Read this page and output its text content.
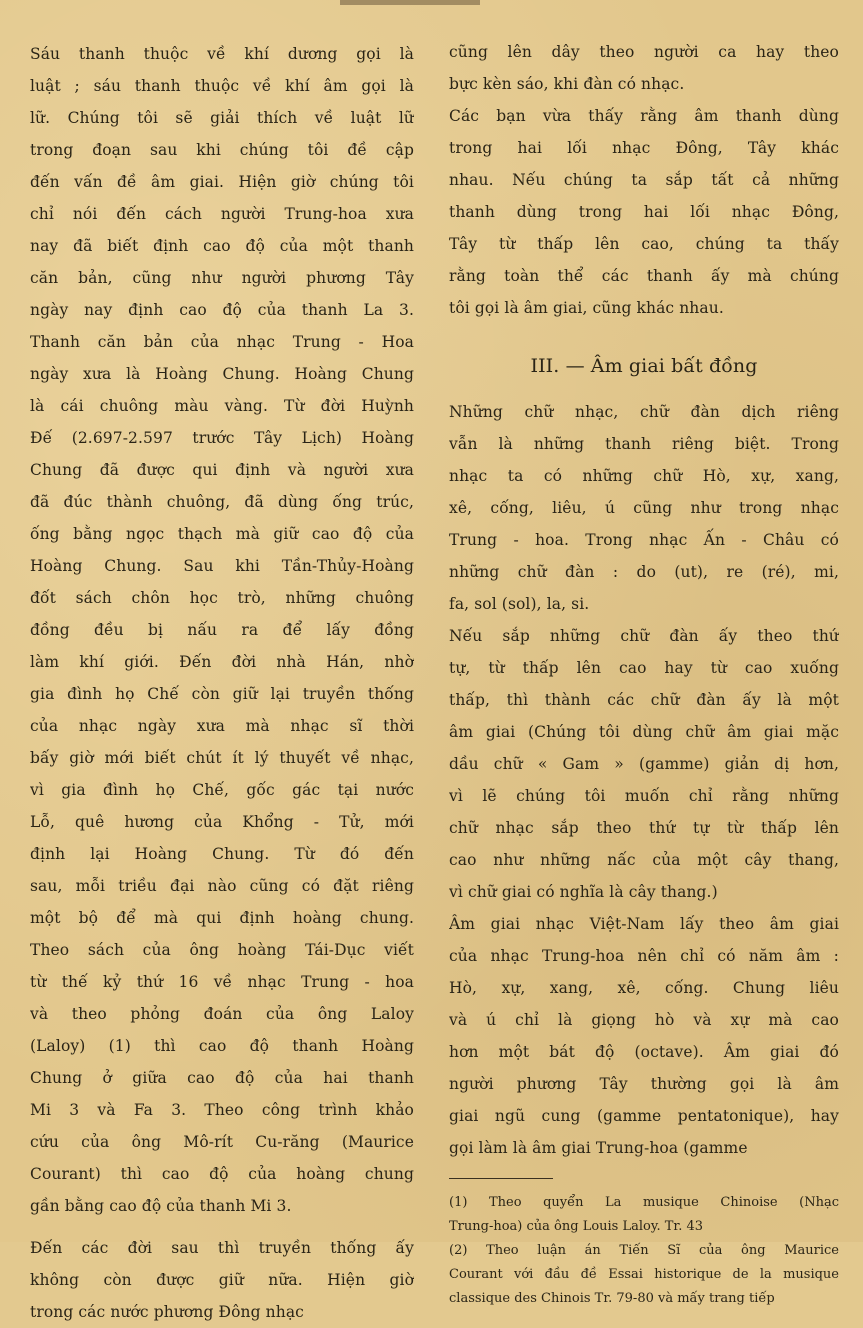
Sáu thanh thuộc về khí dương gọi là
luật ; sáu thanh thuộc về khí âm gọi là
lữ. Chúng tôi sẽ giải thích về luật lữ
trong đoạn sau khi chúng tôi đề cập
đến vấn đề âm giai. Hiện giờ chúng tôi
chỉ nói đến cách người Trung-hoa xưa
nay đã biết định cao độ của một thanh
căn bản, cũng như người phương Tây
ngày nay định cao độ của thanh La 3.
Thanh căn bản của nhạc Trung - Hoa
ngày xưa là Hoàng Chung. Hoàng Chung
là cái chuông màu vàng. Từ đời Huỳnh
Đế (2.697-2.597 trước Tây Lịch) Hoàng
Chung đã được qui định và người xưa
đã đúc thành chuông, đã dùng ống trúc,
ống bằng ngọc thạch mà giữ cao độ của
Hoàng Chung. Sau khi Tần-Thủy-Hoàng
đốt sách chôn học trò, những chuông
đồng đều bị nấu ra để lấy đồng
làm khí giới. Đến đời nhà Hán, nhờ
gia đình họ Chế còn giữ lại truyền thống
của nhạc ngày xưa mà nhạc sĩ thời
bấy giờ mới biết chút ít lý thuyết về nhạc,
vì gia đình họ Chế, gốc gác tại nước
Lỗ, quê hương của Khổng - Tử, mới
định lại Hoàng Chung. Từ đó đến
sau, mỗi triều đại nào cũng có đặt riêng
một bộ để mà qui định hoàng chung.
Theo sách của ông hoàng Tái-Dục viết
từ thế kỷ thứ 16 về nhạc Trung - hoa
và theo phỏng đoán của ông Laloy
(Laloy) (1) thì cao độ thanh Hoàng
Chung ở giữa cao độ của hai thanh
Mi 3 và Fa 3. Theo công trình khảo
cứu của ông Mô-rít Cu-răng (Maurice
Courant) thì cao độ của hoàng chung
gần bằng cao độ của thanh Mi 3.
Đến các đời sau thì truyền thống ấy
không còn được giữ nữa. Hiện giờ
trong các nước phương Đông nhạc
cũng lên dây theo người ca hay theo
bực kèn sáo, khi đàn có nhạc.
Các bạn vừa thấy rằng âm thanh dùng
trong hai lối nhạc Đông, Tây khác
nhau. Nếu chúng ta sắp tất cả những
thanh dùng trong hai lối nhạc Đông,
Tây từ thấp lên cao, chúng ta thấy
rằng toàn thể các thanh ấy mà chúng
tôi gọi là âm giai, cũng khác nhau.
III. — Âm giai bất đồng
Những chữ nhạc, chữ đàn dịch riêng
vẫn là những thanh riêng biệt. Trong
nhạc ta có những chữ Hò, xự, xang,
xê, cống, liêu, ú cũng như trong nhạc
Trung - hoa. Trong nhạc Ấn - Châu có
những chữ đàn : do (ut), re (ré), mi,
fa, sol (sol), la, si.
Nếu sắp những chữ đàn ấy theo thứ
tự, từ thấp lên cao hay từ cao xuống
thấp, thì thành các chữ đàn ấy là một
âm giai (Chúng tôi dùng chữ âm giai mặc
dầu chữ « Gam » (gamme) giản dị hơn,
vì lẽ chúng tôi muốn chỉ rằng những
chữ nhạc sắp theo thứ tự từ thấp lên
cao như những nấc của một cây thang,
vì chữ giai có nghĩa là cây thang.)
Âm giai nhạc Việt-Nam lấy theo âm giai
của nhạc Trung-hoa nên chỉ có năm âm :
Hò, xự, xang, xê, cống. Chung liêu
và ú chỉ là giọng hò và xự mà cao
hơn một bát độ (octave). Âm giai đó
người phương Tây thường gọi là âm
giai ngũ cung (gamme pentatonique), hay
gọi làm là âm giai Trung-hoa (gamme
(1) Theo quyển La musique Chinoise (Nhạc
Trung-hoa) của ông Louis Laloy. Tr. 43
(2) Theo luận án Tiến Sĩ của ông Maurice
Courant với đầu đề Essai historique de la musique
classique des Chinois Tr. 79-80 và mấy trang tiếp
